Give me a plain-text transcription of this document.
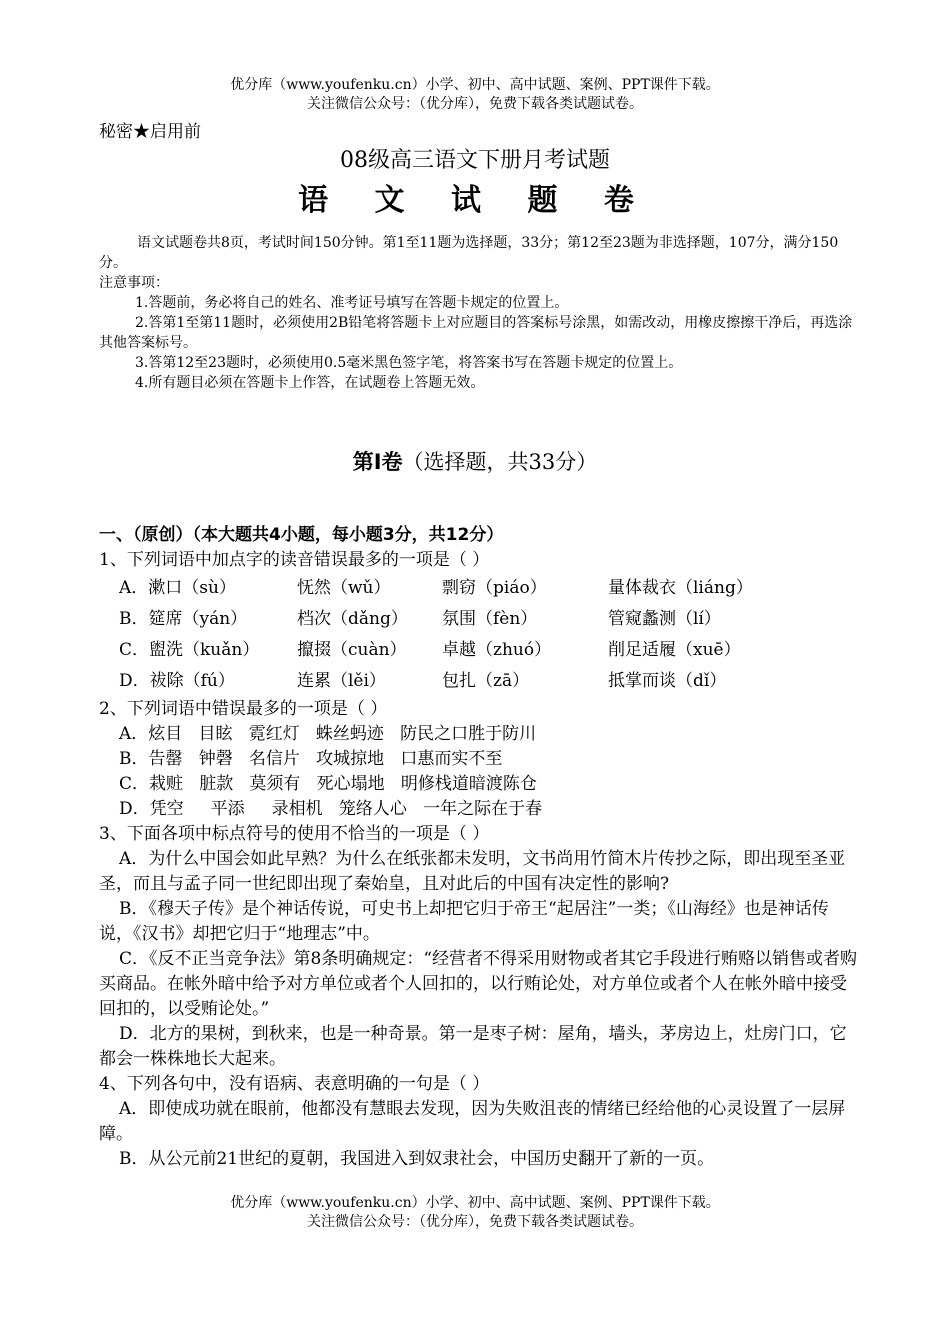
优分库（www.youfenku.cn）小学、初中、高中试题、案例、PPT课件下载。
关注微信公众号：（优分库），免费下载各类试题试卷。
秘密★启用前
08级高三语文下册月考试题
语 文 试 题 卷

语文试题卷共8页，考试时间150分钟。第1至11题为选择题，33分；第12至23题为非选择题，107分，满分150分。

注意事项：

1.答题前，务必将自己的姓名、准考证号填写在答题卡规定的位置上。

2.答第1至第11题时，必须使用2B铅笔将答题卡上对应题目的答案标号涂黑，如需改动，用橡皮擦擦干净后，再选涂其他答案标号。

3.答第12至23题时，必须使用0.5毫米黑色签字笔，将答案书写在答题卡规定的位置上。

4.所有题目必须在答题卡上作答，在试题卷上答题无效。

第Ⅰ卷（选择题，共33分）
一、（原创）（本大题共4小题，每小题3分，共12分）

1、下列词语中加点字的读音错误最多的一项是（ ）

A．漱口（sù）	怃然（wǔ）	剽窃（piáo）	量体裁衣（liáng）
B．筵席（yán）	档次（dǎng）	氛围（fèn）	管窥蠡测（lí）
C．盥洗（kuǎn）	攛掇（cuàn）	卓越（zhuó）	削足适履（xuē）
D．祓除（fú）	连累（lěi）	包扎（zā）	抵掌而谈（dǐ）

2、下列词语中错误最多的一项是（ ）

A．炫目   目眩   霓红灯   蛛丝蚂迹   防民之口胜于防川

B．告罄   钟磬   名信片   攻城掠地   口惠而实不至

C．栽赃   脏款   莫须有   死心塌地   明修栈道暗渡陈仓

D．凭空     平添     录相机   笼络人心   一年之际在于春

3、下面各项中标点符号的使用不恰当的一项是（ ）

A．为什么中国会如此早熟？为什么在纸张都未发明，文书尚用竹简木片传抄之际，即出现至圣亚圣，而且与孟子同一世纪即出现了秦始皇，且对此后的中国有决定性的影响?

B．《穆天子传》是个神话传说，可史书上却把它归于帝王“起居注”一类；《山海经》也是神话传说，《汉书》却把它归于“地理志”中。

C．《反不正当竞争法》第8条明确规定：“经营者不得采用财物或者其它手段进行贿赂以销售或者购买商品。在帐外暗中给予对方单位或者个人回扣的，以行贿论处，对方单位或者个人在帐外暗中接受回扣的，以受贿论处。”

D．北方的果树，到秋来，也是一种奇景。第一是枣子树：屋角，墙头，茅房边上，灶房门口，它都会一株株地长大起来。

4、下列各句中，没有语病、表意明确的一句是（ ）

A．即使成功就在眼前，他都没有慧眼去发现，因为失败沮丧的情绪已经给他的心灵设置了一层屏障。

B．从公元前21世纪的夏朝，我国进入到奴隶社会，中国历史翻开了新的一页。

优分库（www.youfenku.cn）小学、初中、高中试题、案例、PPT课件下载。
关注微信公众号：（优分库），免费下载各类试题试卷。
